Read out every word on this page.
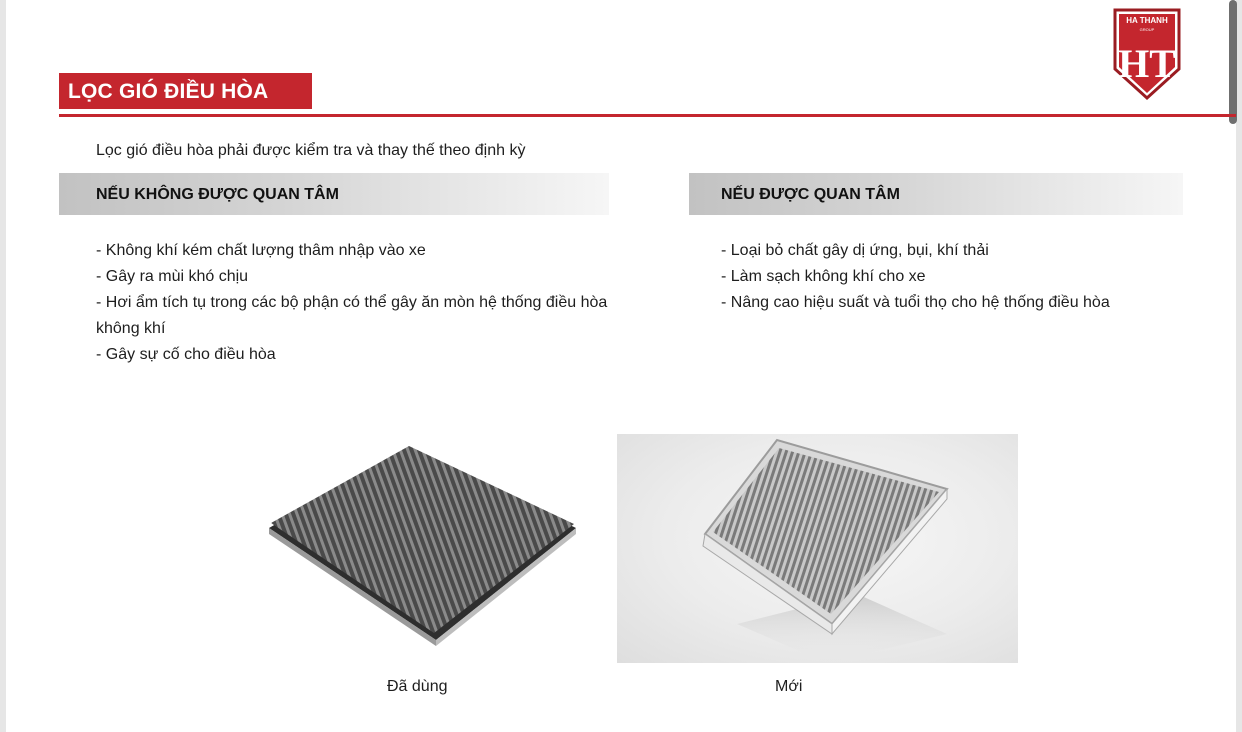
HA THANH
GROUP
HT
LỌC GIÓ ĐIỀU HÒA
Lọc gió điều hòa phải được kiểm tra và thay thế theo định kỳ
NẾU KHÔNG ĐƯỢC QUAN TÂM	NẾU ĐƯỢC QUAN TÂM
- Không khí kém chất lượng thâm nhập vào xe
- Gây ra mùi khó chịu
- Hơi ẩm tích tụ trong các bộ phận có thể gây ăn mòn hệ thống điều hòa không khí
- Gây sự cố cho điều hòa
- Loại bỏ chất gây dị ứng, bụi, khí thải
- Làm sạch không khí cho xe
- Nâng cao hiệu suất và tuổi thọ cho hệ thống điều hòa
Đã dùng	Mới
